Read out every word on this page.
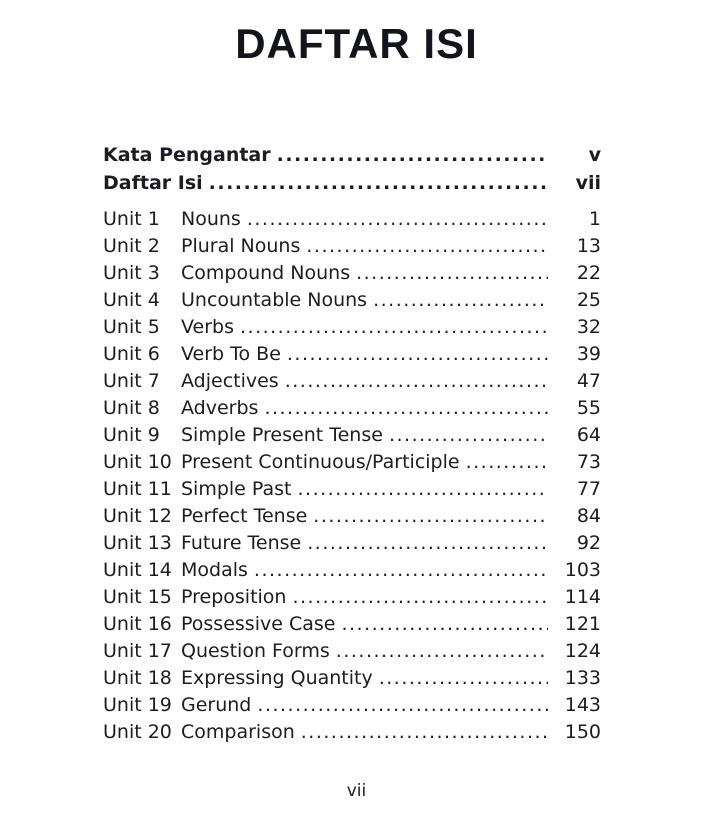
DAFTAR ISI
Kata Pengantar .....	v
Daftar Isi .....	vii
Unit 1	Nouns .....	1
Unit 2	Plural Nouns .....	13
Unit 3	Compound Nouns .....	22
Unit 4	Uncountable Nouns .....	25
Unit 5	Verbs .....	32
Unit 6	Verb To Be .....	39
Unit 7	Adjectives .....	47
Unit 8	Adverbs .....	55
Unit 9	Simple Present Tense .....	64
Unit 10 Present Continuous/Participle .....	73
Unit 11 Simple Past .....	77
Unit 12 Perfect Tense .....	84
Unit 13 Future Tense .....	92
Unit 14 Modals .....	103
Unit 15 Preposition .....	114
Unit 16 Possessive Case .....	121
Unit 17 Question Forms .....	124
Unit 18 Expressing Quantity .....	133
Unit 19 Gerund .....	143
Unit 20 Comparison .....	150
vii
